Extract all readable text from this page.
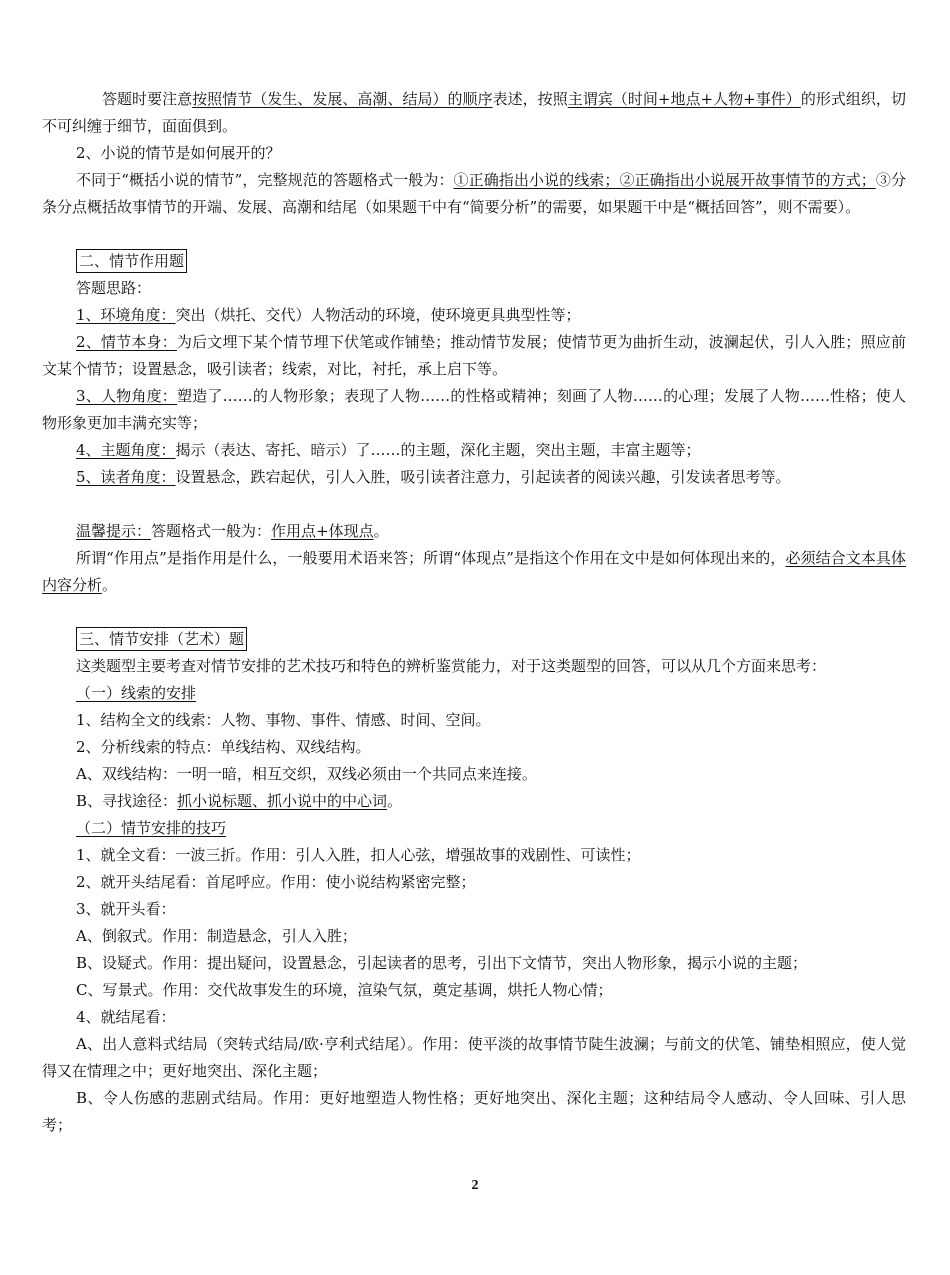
答题时要注意按照情节（发生、发展、高潮、结局）的顺序表述，按照主谓宾（时间+地点+人物+事件）的形式组织，切不可纠缠于细节，面面俱到。

2、小说的情节是如何展开的？

不同于“概括小说的情节”，完整规范的答题格式一般为：①正确指出小说的线索；②正确指出小说展开故事情节的方式；③分条分点概括故事情节的开端、发展、高潮和结尾（如果题干中有“简要分析”的需要，如果题干中是“概括回答”，则不需要）。

二、情节作用题

答题思路：

1、环境角度：突出（烘托、交代）人物活动的环境，使环境更具典型性等；

2、情节本身：为后文埋下某个情节埋下伏笔或作铺垫；推动情节发展；使情节更为曲折生动，波澜起伏，引人入胜；照应前文某个情节；设置悬念，吸引读者；线索，对比，衬托，承上启下等。

3、人物角度：塑造了……的人物形象；表现了人物……的性格或精神；刻画了人物……的心理；发展了人物……性格；使人物形象更加丰满充实等；

4、主题角度：揭示（表达、寄托、暗示）了……的主题，深化主题，突出主题，丰富主题等；

5、读者角度：设置悬念，跌宕起伏，引人入胜，吸引读者注意力，引起读者的阅读兴趣，引发读者思考等。

温馨提示：答题格式一般为：作用点+体现点。

所谓“作用点”是指作用是什么，一般要用术语来答；所谓“体现点”是指这个作用在文中是如何体现出来的，必须结合文本具体内容分析。

三、情节安排（艺术）题

这类题型主要考查对情节安排的艺术技巧和特色的辨析鉴赏能力，对于这类题型的回答，可以从几个方面来思考：

（一）线索的安排

1、结构全文的线索：人物、事物、事件、情感、时间、空间。

2、分析线索的特点：单线结构、双线结构。

A、双线结构：一明一暗，相互交织，双线必须由一个共同点来连接。

B、寻找途径：抓小说标题、抓小说中的中心词。

（二）情节安排的技巧

1、就全文看：一波三折。作用：引人入胜，扣人心弦，增强故事的戏剧性、可读性；

2、就开头结尾看：首尾呼应。作用：使小说结构紧密完整；

3、就开头看：

A、倒叙式。作用：制造悬念，引人入胜；

B、设疑式。作用：提出疑问，设置悬念，引起读者的思考，引出下文情节，突出人物形象，揭示小说的主题；

C、写景式。作用：交代故事发生的环境，渲染气氛，奠定基调，烘托人物心情；

4、就结尾看：

A、出人意料式结局（突转式结局/欧·亨利式结尾）。作用：使平淡的故事情节陡生波澜；与前文的伏笔、铺垫相照应，使人觉得又在情理之中；更好地突出、深化主题；

B、令人伤感的悲剧式结局。作用：更好地塑造人物性格；更好地突出、深化主题；这种结局令人感动、令人回味、引人思考；

2
